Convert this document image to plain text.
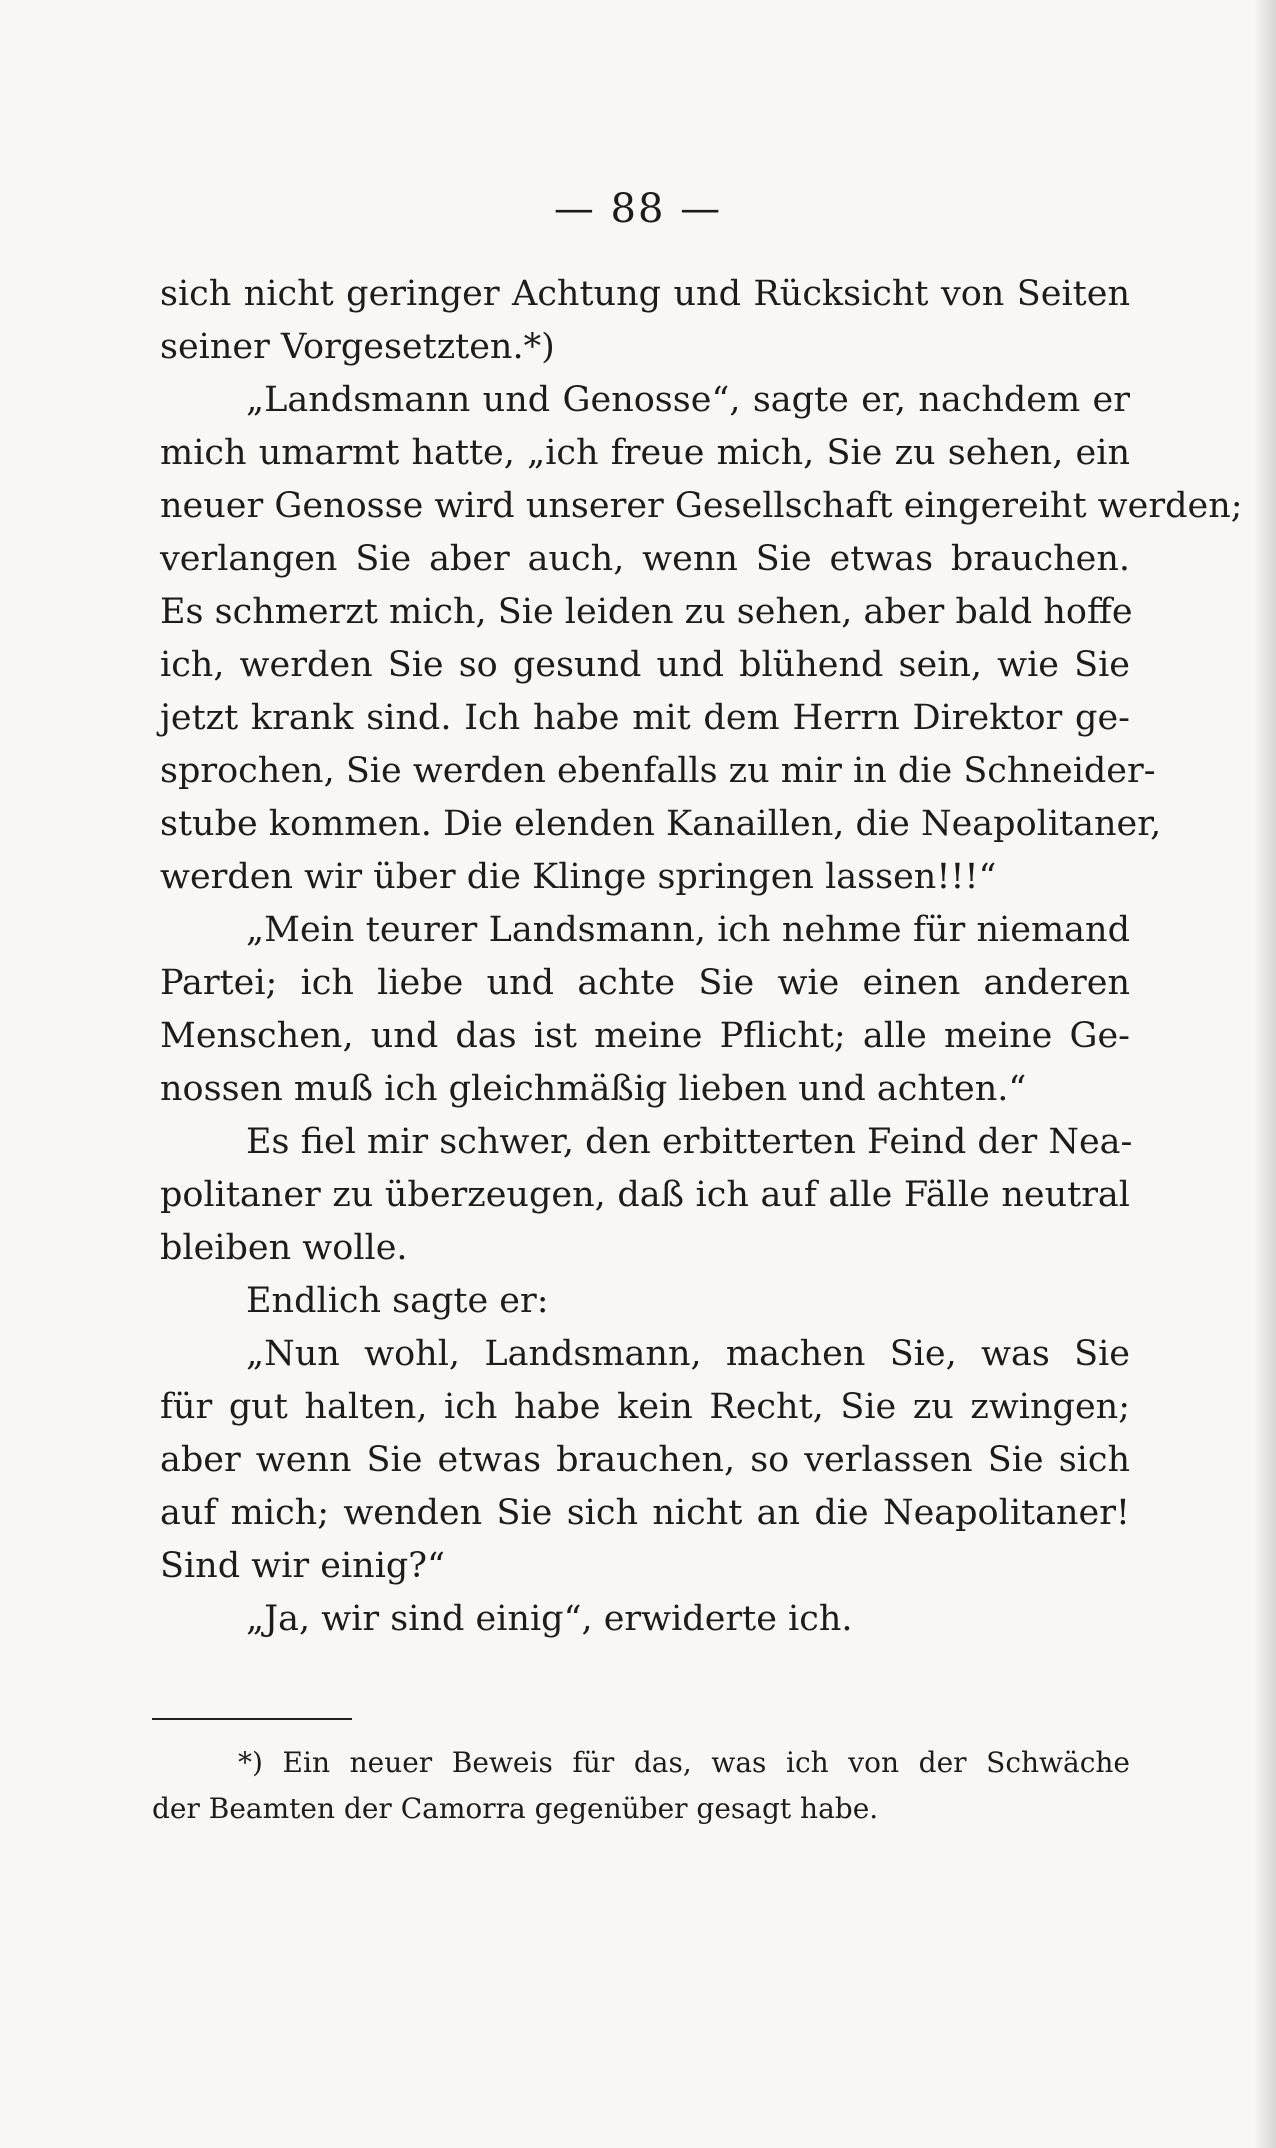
— 88 —
sich nicht geringer Achtung und Rücksicht von Seiten
seiner Vorgesetzten.*)
„Landsmann und Genosse“, sagte er, nachdem er
mich umarmt hatte, „ich freue mich, Sie zu sehen, ein
neuer Genosse wird unserer Gesellschaft eingereiht werden;
verlangen Sie aber auch, wenn Sie etwas brauchen.
Es schmerzt mich, Sie leiden zu sehen, aber bald hoffe
ich, werden Sie so gesund und blühend sein, wie Sie
jetzt krank sind. Ich habe mit dem Herrn Direktor ge-
sprochen, Sie werden ebenfalls zu mir in die Schneider-
stube kommen. Die elenden Kanaillen, die Neapolitaner,
werden wir über die Klinge springen lassen!!!“
„Mein teurer Landsmann, ich nehme für niemand
Partei; ich liebe und achte Sie wie einen anderen
Menschen, und das ist meine Pflicht; alle meine Ge-
nossen muß ich gleichmäßig lieben und achten.“
Es fiel mir schwer, den erbitterten Feind der Nea-
politaner zu überzeugen, daß ich auf alle Fälle neutral
bleiben wolle.
Endlich sagte er:
„Nun wohl, Landsmann, machen Sie, was Sie
für gut halten, ich habe kein Recht, Sie zu zwingen;
aber wenn Sie etwas brauchen, so verlassen Sie sich
auf mich; wenden Sie sich nicht an die Neapolitaner!
Sind wir einig?“
„Ja, wir sind einig“, erwiderte ich.
*) Ein neuer Beweis für das, was ich von der Schwäche
der Beamten der Camorra gegenüber gesagt habe.
